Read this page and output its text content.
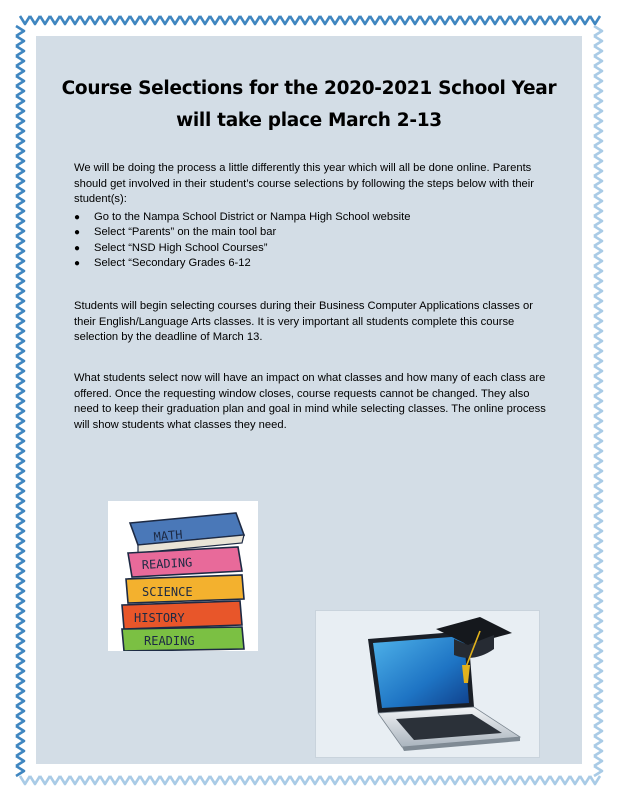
Course Selections for the 2020-2021 School Year
will take place March 2-13

We will be doing the process a little differently this year which will all be done online. Parents should get involved in their student’s course selections by following the steps below with their student(s):

● Go to the Nampa School District or Nampa High School website
● Select “Parents” on the main tool bar
● Select “NSD High School Courses”
● Select “Secondary Grades 6-12

Students will begin selecting courses during their Business Computer Applications classes or their English/Language Arts classes. It is very important all students complete this course selection by the deadline of March 13.

What students select now will have an impact on what classes and how many of each class are offered. Once the requesting window closes, course requests cannot be changed. They also need to keep their graduation plan and goal in mind while selecting classes. The online process will show students what classes they need.

MATH
READING
SCIENCE
HISTORY
READING
